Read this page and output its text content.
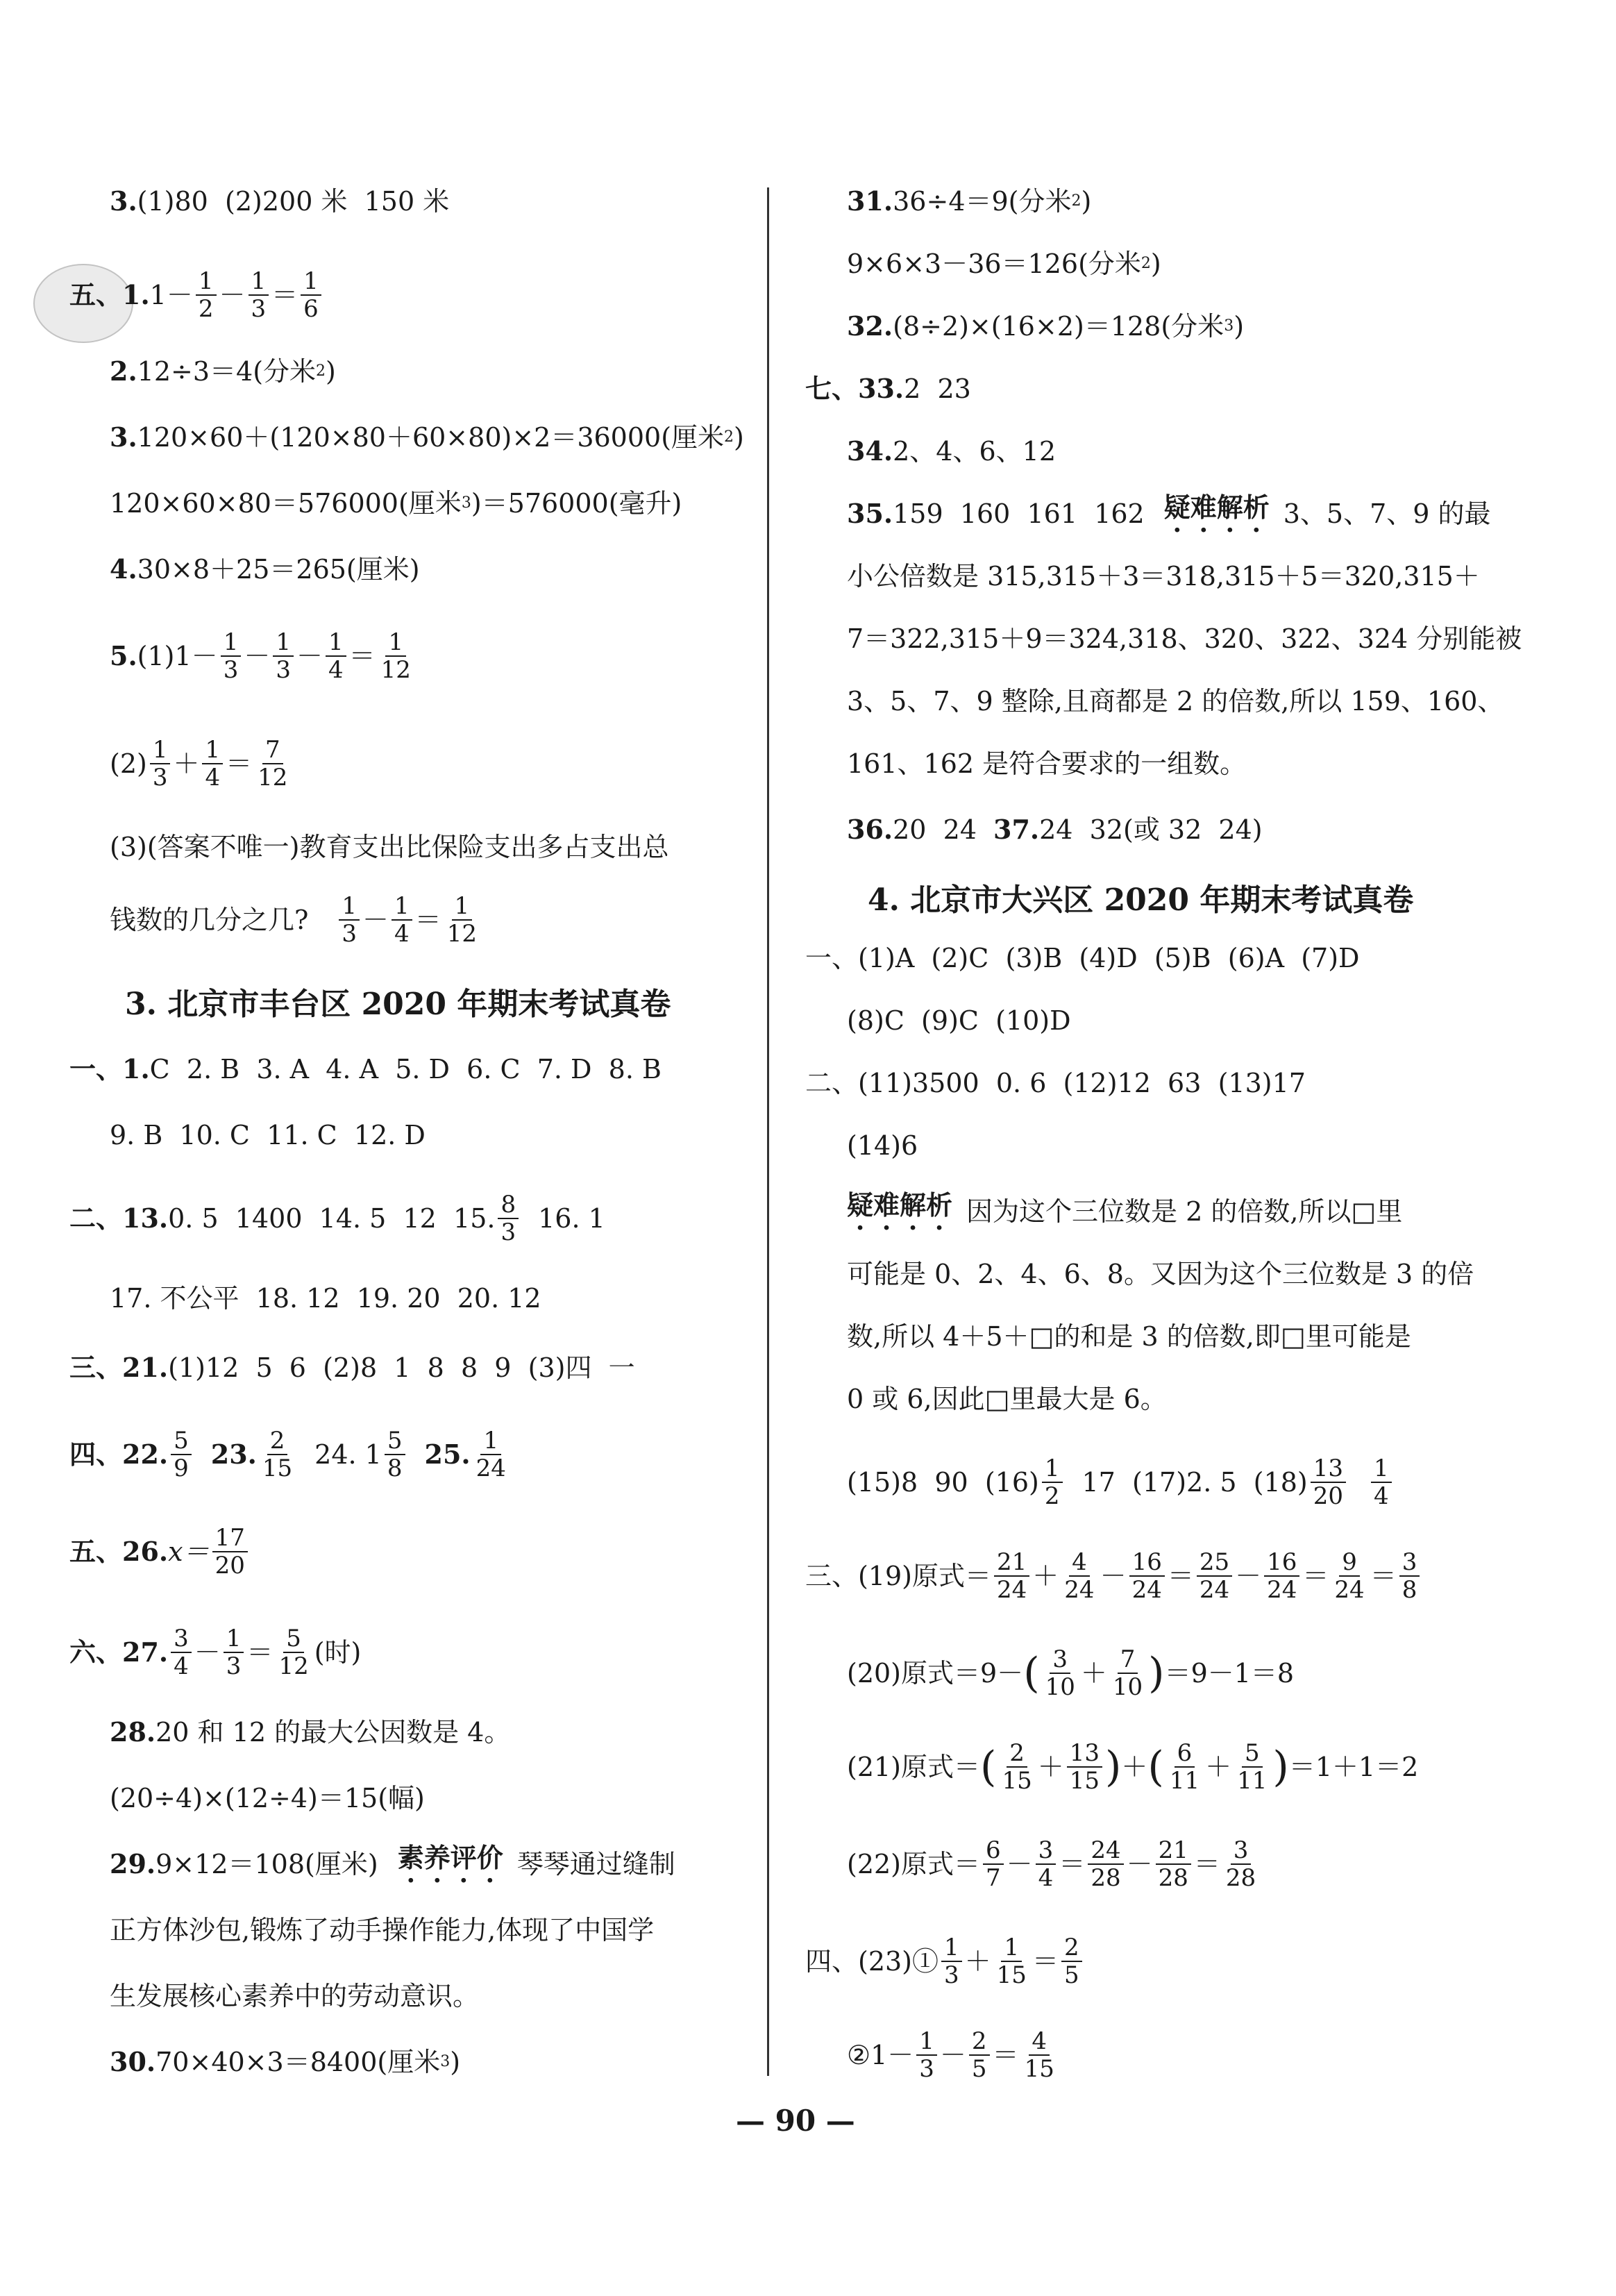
3. (1)80  (2)200 米  150 米
五、1. $1- \frac{1}{2} - \frac{1}{3} = \frac{1}{6}$
2. 12÷3＝4(分米 2 )
3. 120×60＋(120×80＋60×80)×2＝36000(厘米 2 )
120×60×80＝576000(厘米 3 )＝576000(毫升)
4. 30×8＋25＝265(厘米)
5. $(1)1- \frac{1}{3} - \frac{1}{3} - \frac{1}{4} = \frac{1}{12}$
$(2) \frac{1}{3} + \frac{1}{4} = \frac{7}{12}$
(3)(答案不唯一)教育支出比保险支出多占支出总
钱数的几分之几? $\frac{1}{3} - \frac{1}{4} = \frac{1}{12}$
3. 北京市丰台区 2020 年期末考试真卷
一、1. C  2. B  3. A  4. A  5. D  6. C  7. D  8. B
9. B  10. C  11. C  12. D
二、13. 0. 5  1400  14. 5  12  15. $\frac{8}{3} 16$. 1
17. 不公平  18. 12  19. 20  20. 12
三、21. (1)12  5  6  (2)8  1  8  8  9  (3)四  一
四、22. $\frac{5}{9} 23$. $\frac{2}{15} 24$. $1 \frac{5}{8} 25$. $\frac{1}{24}$
五、26. $x= \frac{17}{20}$
六、27. $\frac{3}{4} - \frac{1}{3} = \frac{5}{12}$ (时)
28. 20 和 12 的最大公因数是 4。
(20÷4)×(12÷4)＝15(幅)
29. 9×12＝108(厘米) 素养评价 琴琴通过缝制
正方体沙包,锻炼了动手操作能力,体现了中国学
生发展核心素养中的劳动意识。
30. 70×40×3＝8400(厘米 3 )
31. 36÷4＝9(分米 2 )
9×6×3－36＝126(分米 2 )
32. (8÷2)×(16×2)＝128(分米 3 )
七、33. 2  23
34. 2、4、6、12
35. 159  160  161  162 疑难解析 3、5、7、9 的最
小公倍数是 315,315＋3＝318,315＋5＝320,315＋
7＝322,315＋9＝324,318、320、322、324 分别能被
3、5、7、9 整除,且商都是 2 的倍数,所以 159、160、
161、162 是符合要求的一组数。
36. 20  24 37. 24  32(或 32  24)
4. 北京市大兴区 2020 年期末考试真卷
一、(1)A  (2)C  (3)B  (4)D  (5)B  (6)A  (7)D
(8)C  (9)C  (10)D
二、(11)3500  0. 6  (12)12  63  (13)17
(14)6
疑难解析 因为这个三位数是 2 的倍数,所以□里
可能是 0、2、4、6、8。又因为这个三位数是 3 的倍
数,所以 4＋5＋□的和是 3 的倍数,即□里可能是
0 或 6,因此□里最大是 6。
(15)8  90  $(16) \frac{1}{2} 17$  (17)2. 5  $(18) \frac{13}{20} \frac{1}{4}$
三、(19)原式＝ $\frac{21}{24} + \frac{4}{24} - \frac{16}{24} = \frac{25}{24} - \frac{16}{24} = \frac{9}{24} = \frac{3}{8}$
(20)原式＝9－ ( $\frac{3}{10} + \frac{7}{10}$ ) ＝9－1＝8
(21)原式＝ ( $\frac{2}{15} + \frac{13}{15}$ ) ＋ ( $\frac{6}{11} + \frac{5}{11}$ ) ＝1＋1＝2
(22)原式＝ $\frac{6}{7} - \frac{3}{4} = \frac{24}{28} - \frac{21}{28} = \frac{3}{28}$
四、(23)① $\frac{1}{3} + \frac{1}{15} = \frac{2}{5}$
②1－ $\frac{1}{3} - \frac{2}{5} = \frac{4}{15}$
— 90 —
